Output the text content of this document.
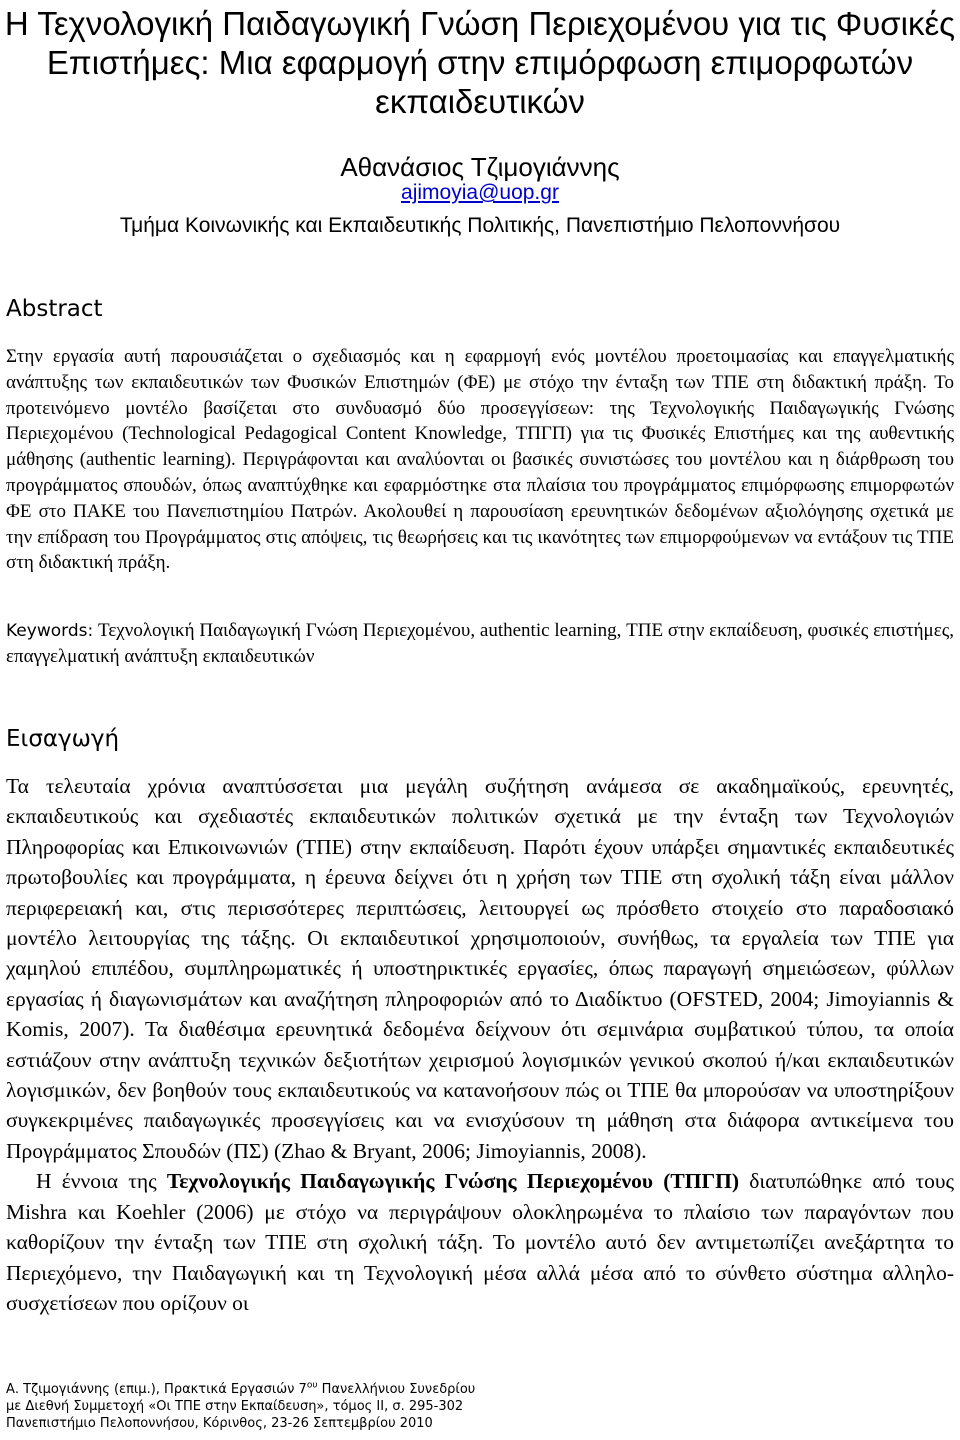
Η Τεχνολογική Παιδαγωγική Γνώση Περιεχομένου για τις Φυσικές Επιστήμες: Μια εφαρμογή στην επιμόρφωση επιμορφωτών εκπαιδευτικών
Αθανάσιος Τζιμογιάννης
ajimoyia@uop.gr
Τμήμα Κοινωνικής και Εκπαιδευτικής Πολιτικής, Πανεπιστήμιο Πελοποννήσου
Abstract

Στην εργασία αυτή παρουσιάζεται ο σχεδιασμός και η εφαρμογή ενός μοντέλου προετοιμασίας και επαγγελματικής ανάπτυξης των εκπαιδευτικών των Φυσικών Επιστημών (ΦΕ) με στόχο την ένταξη των ΤΠΕ στη διδακτική πράξη. Το προτεινόμενο μοντέλο βασίζεται στο συνδυασμό δύο προσεγγίσεων: της Τεχνολογικής Παιδαγωγικής Γνώσης Περιεχομένου (Technological Pedagogical Content Knowledge, ΤΠΓΠ) για τις Φυσικές Επιστήμες και της αυθεντικής μάθησης (authentic learning). Περιγράφονται και αναλύονται οι βασικές συνιστώσες του μοντέλου και η διάρθρωση του προγράμματος σπουδών, όπως αναπτύχθηκε και εφαρμόστηκε στα πλαίσια του προγράμματος επιμόρφωσης επιμορφωτών ΦΕ στο ΠΑΚΕ του Πανεπιστημίου Πατρών. Ακολουθεί η παρουσίαση ερευνητικών δεδομένων αξιολόγησης σχετικά με την επίδραση του Προγράμματος στις απόψεις, τις θεωρήσεις και τις ικανότητες των επιμορφούμενων να εντάξουν τις ΤΠΕ στη διδακτική πράξη.

Keywords: Τεχνολογική Παιδαγωγική Γνώση Περιεχομένου, authentic learning, ΤΠΕ στην εκπαίδευση, φυσικές επιστήμες, επαγγελματική ανάπτυξη εκπαιδευτικών

Εισαγωγή

Τα τελευταία χρόνια αναπτύσσεται μια μεγάλη συζήτηση ανάμεσα σε ακαδημαϊκούς, ερευνητές, εκπαιδευτικούς και σχεδιαστές εκπαιδευτικών πολιτικών σχετικά με την ένταξη των Τεχνολογιών Πληροφορίας και Επικοινωνιών (ΤΠΕ) στην εκπαίδευση. Παρότι έχουν υπάρξει σημαντικές εκπαιδευτικές πρωτοβουλίες και προγράμματα, η έρευνα δείχνει ότι η χρήση των ΤΠΕ στη σχολική τάξη είναι μάλλον περιφερειακή και, στις περισσότερες περιπτώσεις, λειτουργεί ως πρόσθετο στοιχείο στο παραδοσιακό μοντέλο λειτουργίας της τάξης. Οι εκπαιδευτικοί χρησιμοποιούν, συνήθως, τα εργαλεία των ΤΠΕ για χαμηλού επιπέδου, συμπληρωματικές ή υποστηρικτικές εργασίες, όπως παραγωγή σημειώσεων, φύλλων εργασίας ή διαγωνισμάτων και αναζήτηση πληροφοριών από το Διαδίκτυο (OFSTED, 2004; Jimoyiannis & Komis, 2007). Τα διαθέσιμα ερευνητικά δεδομένα δείχνουν ότι σεμινάρια συμβατικού τύπου, τα οποία εστιάζουν στην ανάπτυξη τεχνικών δεξιοτήτων χειρισμού λογισμικών γενικού σκοπού ή/και εκπαιδευτικών λογισμικών, δεν βοηθούν τους εκπαιδευτικούς να κατανοήσουν πώς οι ΤΠΕ θα μπορούσαν να υποστηρίξουν συγκεκριμένες παιδαγωγικές προσεγγίσεις και να ενισχύσουν τη μάθηση στα διάφορα αντικείμενα του Προγράμματος Σπουδών (ΠΣ) (Zhao & Bryant, 2006; Jimoyiannis, 2008).

Η έννοια της Τεχνολογικής Παιδαγωγικής Γνώσης Περιεχομένου (ΤΠΓΠ) διατυπώθηκε από τους Mishra και Koehler (2006) με στόχο να περιγράψουν ολοκληρωμένα το πλαίσιο των παραγόντων που καθορίζουν την ένταξη των ΤΠΕ στη σχολική τάξη. Το μοντέλο αυτό δεν αντιμετωπίζει ανεξάρτητα το Περιεχόμενο, την Παιδαγωγική και τη Τεχνολογική μέσα αλλά μέσα από το σύνθετο σύστημα αλληλο-συσχετίσεων που ορίζουν οι

Α. Τζιμογιάννης (επιμ.), Πρακτικά Εργασιών $7^{o\upsilon}$ Πανελλήνιου Συνεδρίου
με Διεθνή Συμμετοχή «Οι ΤΠΕ στην Εκπαίδευση», τόμος ΙΙ, σ. 295-302
Πανεπιστήμιο Πελοποννήσου, Κόρινθος, 23-26 Σεπτεμβρίου 2010
